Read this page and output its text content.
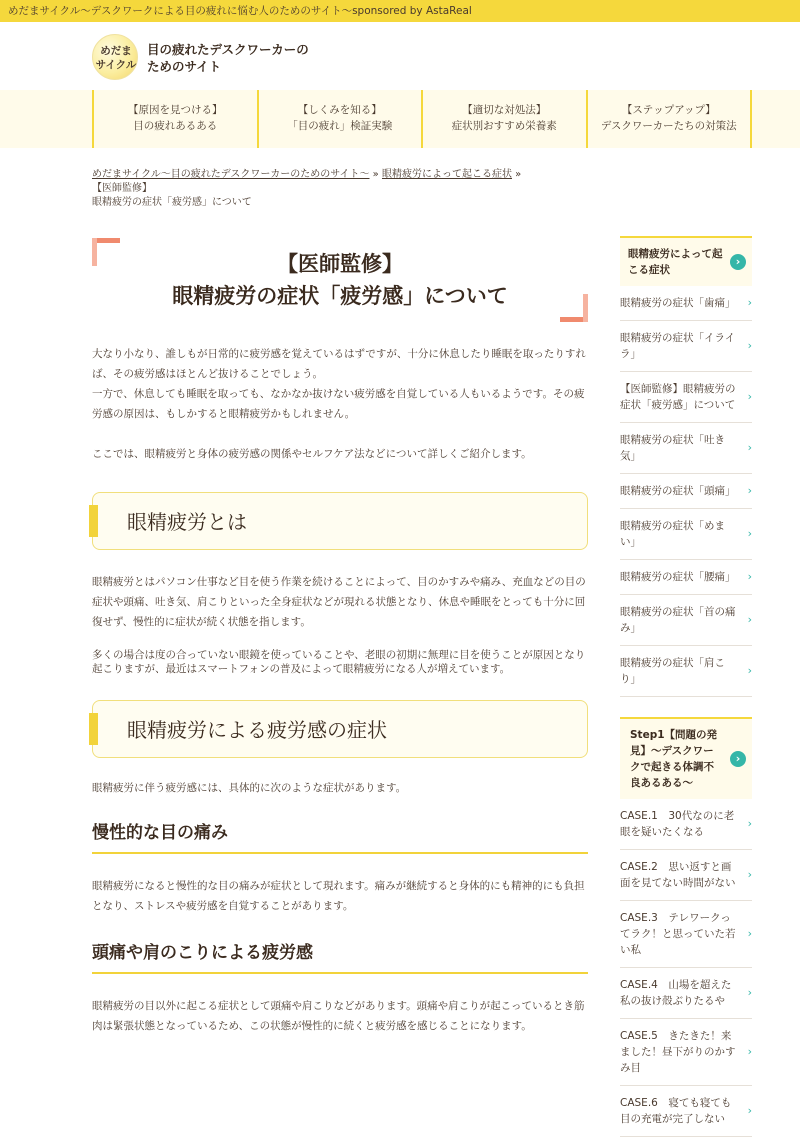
めだまサイクル〜デスクワークによる目の疲れに悩む人のためのサイト〜sponsored by AstaReal
めだま
サイクル
目の疲れたデスクワーカーの
ためのサイト
【原因を見つける】
目の疲れあるある
【しくみを知る】
「目の疲れ」検証実験
【適切な対処法】
症状別おすすめ栄養素
【ステップアップ】
デスクワーカーたちの対策法
めだまサイクル〜目の疲れたデスクワーカーのためのサイト〜 » 眼精疲労によって起こる症状 » 【医師監修】
眼精疲労の症状「疲労感」について
【医師監修】
眼精疲労の症状「疲労感」について

大なり小なり、誰しもが日常的に疲労感を覚えているはずですが、十分に休息したり睡眠を取ったりすれば、その疲労感はほとんど抜けることでしょう。

一方で、休息しても睡眠を取っても、なかなか抜けない疲労感を自覚している人もいるようです。その疲労感の原因は、もしかすると眼精疲労かもしれません。

ここでは、眼精疲労と身体の疲労感の関係やセルフケア法などについて詳しくご紹介します。

眼精疲労とは

眼精疲労とはパソコン仕事など目を使う作業を続けることによって、目のかすみや痛み、充血などの目の症状や頭痛、吐き気、肩こりといった全身症状などが現れる状態となり、休息や睡眠をとっても十分に回復せず、慢性的に症状が続く状態を指します。

多くの場合は度の合っていない眼鏡を使っていることや、老眼の初期に無理に目を使うことが原因となり起こりますが、最近はスマートフォンの普及によって眼精疲労になる人が増えています。

眼精疲労による疲労感の症状

眼精疲労に伴う疲労感には、具体的に次のような症状があります。

慢性的な目の痛み

眼精疲労になると慢性的な目の痛みが症状として現れます。痛みが継続すると身体的にも精神的にも負担となり、ストレスや疲労感を自覚することがあります。

頭痛や肩のこりによる疲労感

眼精疲労の目以外に起こる症状として頭痛や肩こりなどがあります。頭痛や肩こりが起こっているとき筋肉は緊張状態となっているため、この状態が慢性的に続くと疲労感を感じることになります。

眼精疲労によって起こる症状
›
眼精疲労の症状「歯痛」 ›
眼精疲労の症状「イライラ」
›
【医師監修】眼精疲労の症状「疲労感」について
›
眼精疲労の症状「吐き気」
›
眼精疲労の症状「頭痛」 ›
眼精疲労の症状「めまい」
›
眼精疲労の症状「腰痛」 ›
眼精疲労の症状「首の痛み」
›
眼精疲労の症状「肩こり」
›
Step1【問題の発見】〜デスクワークで起きる体調不良あるある〜
›
CASE.1　30代なのに老眼を疑いたくなる
›
CASE.2　思い返すと画面を見てない時間がない
›
CASE.3　テレワークってラク！と思っていた若い私
›
CASE.4　山場を超えた私の抜け殻ぶりたるや
›
CASE.5　きたきた！来ました！昼下がりのかすみ目
›
CASE.6　寝ても寝ても目の充電が完了しない
›
